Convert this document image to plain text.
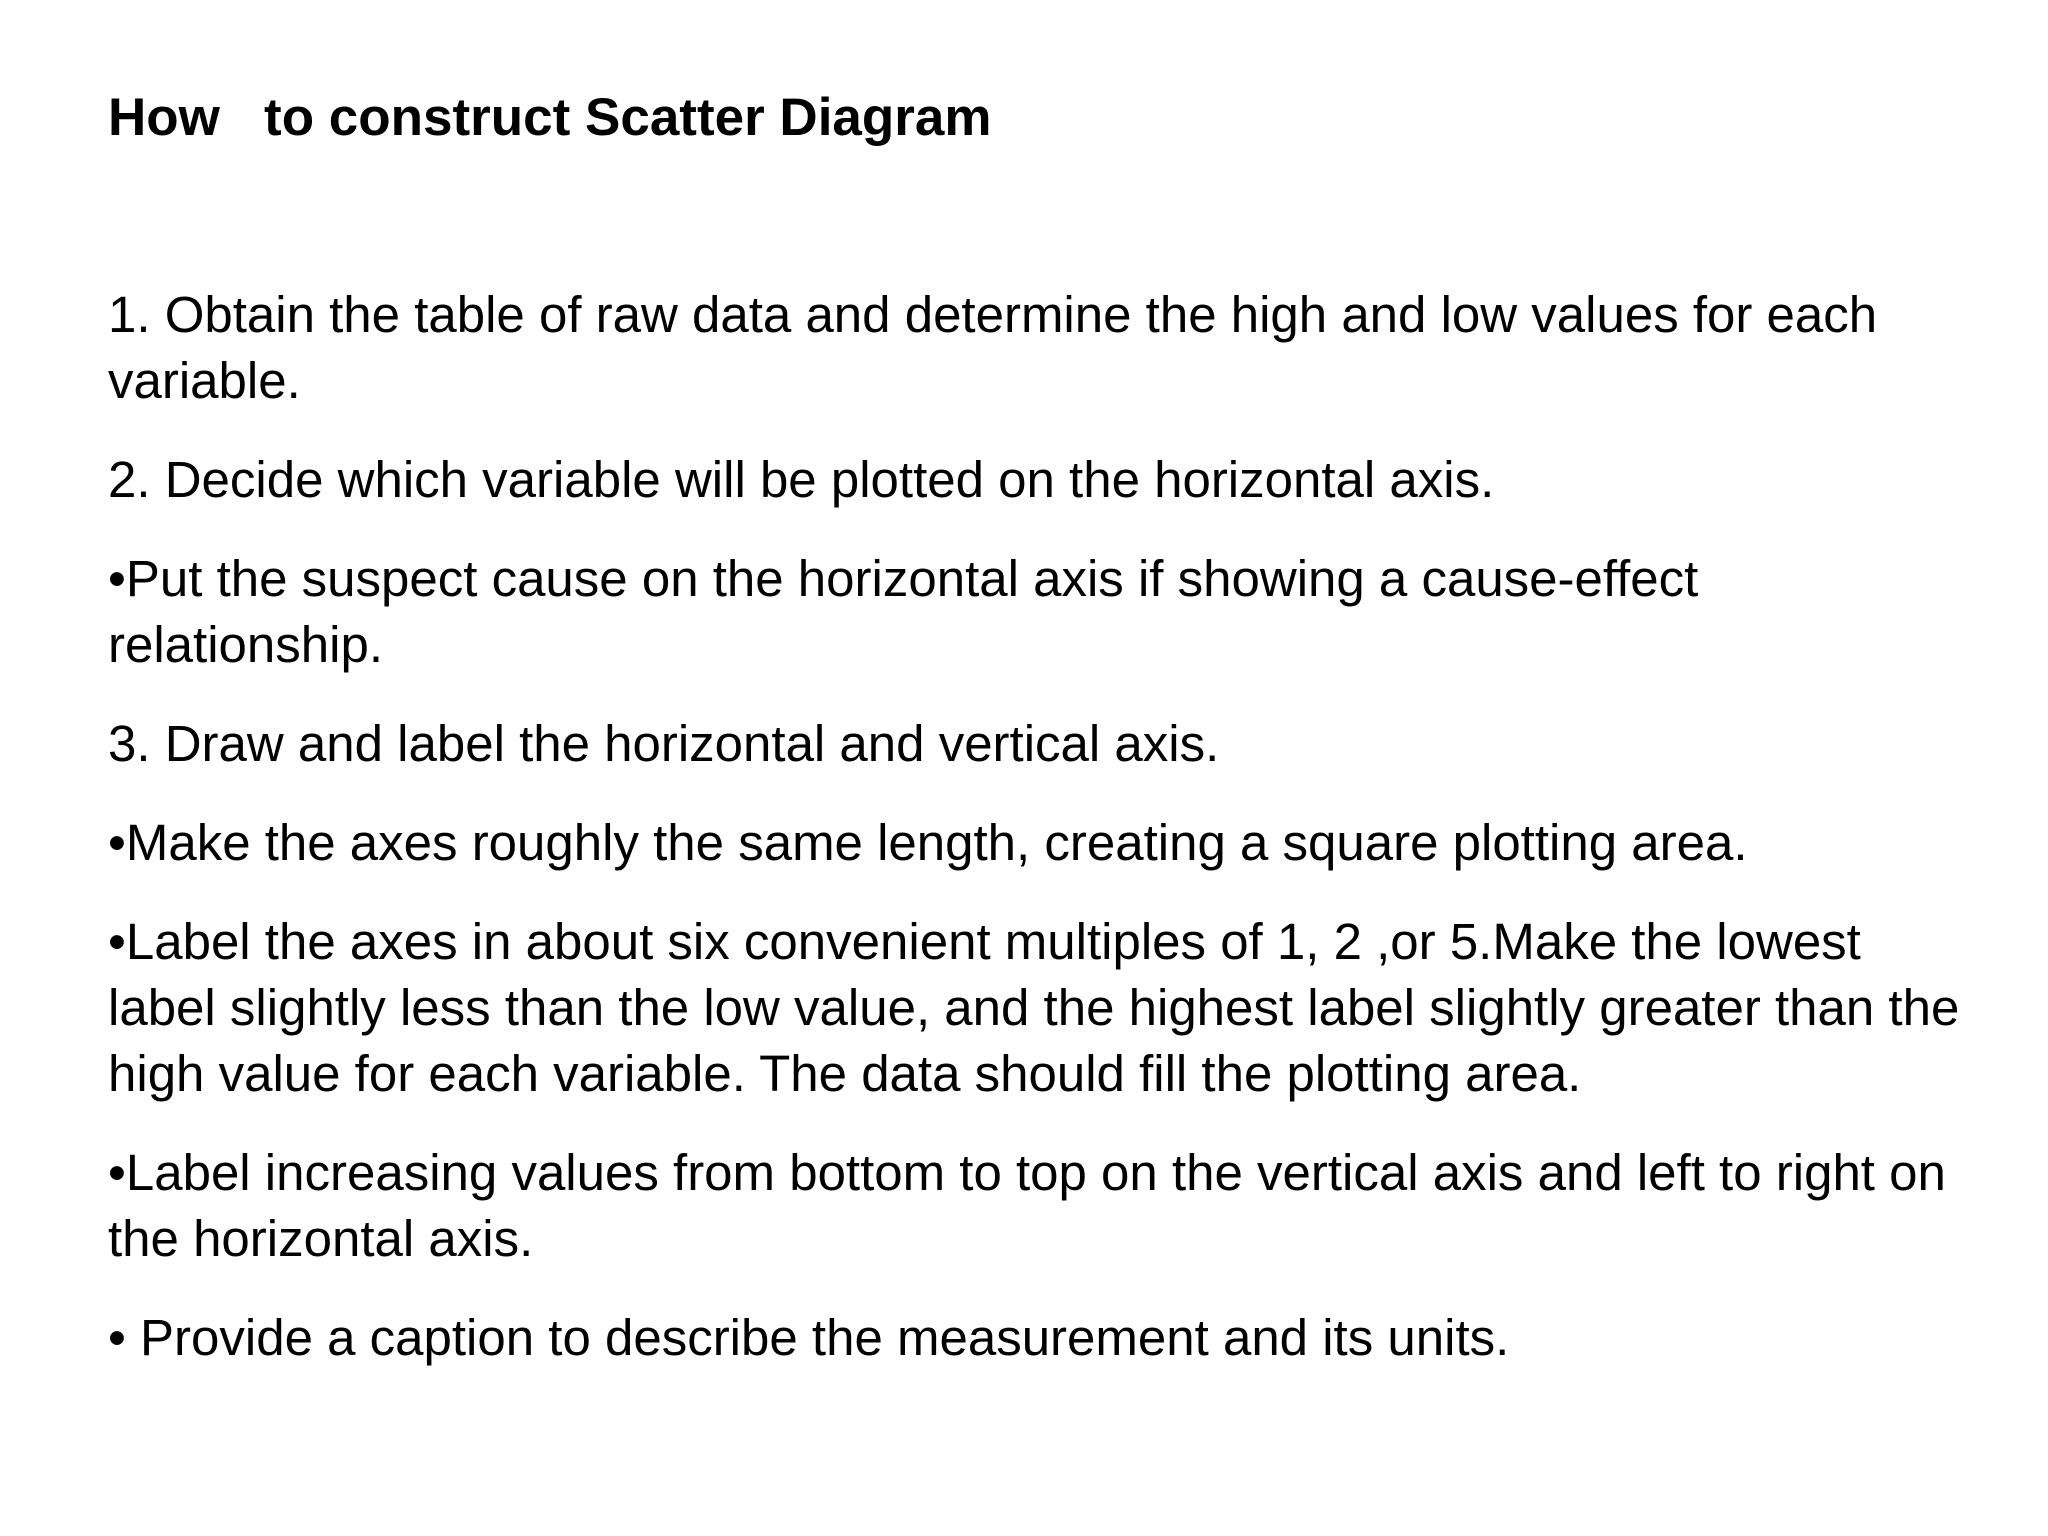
How   to construct Scatter Diagram
1. Obtain the table of raw data and determine the high and low values for each variable.
2. Decide which variable will be plotted on the horizontal axis.
•Put the suspect cause on the horizontal axis if showing a cause-effect relationship.
3. Draw and label the horizontal and vertical axis.
•Make the axes roughly the same length, creating a square plotting area.
•Label the axes in about six convenient multiples of 1, 2 ,or 5.Make the lowest label slightly less than the low value, and the highest label slightly greater than the high value for each variable. The data should fill the plotting area.
•Label increasing values from bottom to top on the vertical axis and left to right on the horizontal axis.
• Provide a caption to describe the measurement and its units.
